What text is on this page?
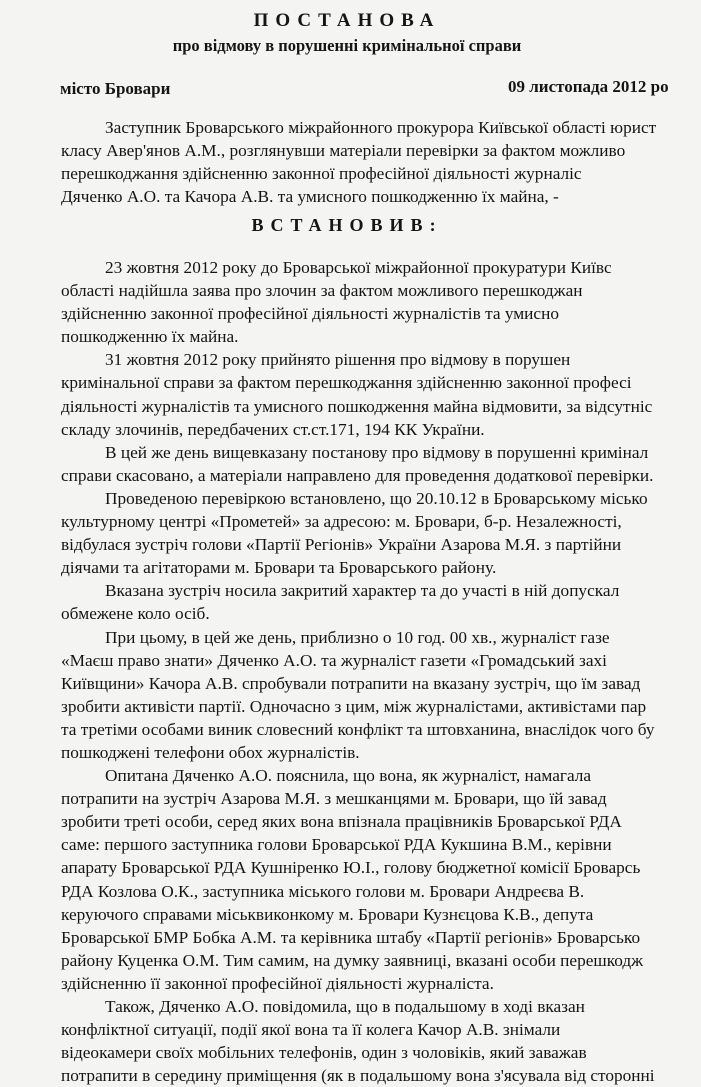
ПОСТАНОВА
про відмову в порушенні кримінальної справи
місто Бровари	09 листопада 2012 ро
Заступник Броварського міжрайонного прокурора Київської області юрист
класу Авер'янов А.М., розглянувши матеріали перевірки за фактом можливо
перешкоджання здійсненню законної професійної діяльності журналіс
Дяченко А.О. та Качора А.В. та умисного пошкодженню їх майна, -
ВСТАНОВИВ:
23 жовтня 2012 року до Броварської міжрайонної прокуратури Київс
області надійшла заява про злочин за фактом можливого перешкоджан
здійсненню законної професійної діяльності журналістів та умисно
пошкодженню їх майна.
31 жовтня 2012 року прийнято рішення про відмову в порушен
кримінальної справи за фактом перешкоджання здійсненню законної професі
діяльності журналістів та умисного пошкодження майна відмовити, за відсутніс
складу злочинів, передбачених ст.ст.171, 194 КК України.
В цей же день вищевказану постанову про відмову в порушенні кримінал
справи скасовано, а матеріали направлено для проведення додаткової перевірки.
Проведеною перевіркою встановлено, що 20.10.12 в Броварському місько
культурному центрі «Прометей» за адресою: м. Бровари, б-р. Незалежності,
відбулася зустріч голови «Партії Регіонів» України Азарова М.Я. з партійни
діячами та агітаторами м. Бровари та Броварського району.
Вказана зустріч носила закритий характер та до участі в ній допускал
обмежене коло осіб.
При цьому, в цей же день, приблизно о 10 год. 00 хв., журналіст газе
«Маєш право знати» Дяченко А.О. та журналіст газети «Громадський захі
Київщини» Качора А.В. спробували потрапити на вказану зустріч, що їм завад
зробити активісти партії. Одночасно з цим, між журналістами, активістами пар
та третіми особами виник словесний конфлікт та штовханина, внаслідок чого бу
пошкоджені телефони обох журналістів.
Опитана Дяченко А.О. пояснила, що вона, як журналіст, намагала
потрапити на зустріч Азарова М.Я. з мешканцями м. Бровари, що їй завад
зробити треті особи, серед яких вона впізнала працівників Броварської РДА
саме: першого заступника голови Броварської РДА Кукшина В.М., керівни
апарату Броварської РДА Кушніренко Ю.І., голову бюджетної комісії Броварсь
РДА Козлова О.К., заступника міського голови м. Бровари Андреєва В.
керуючого справами міськвиконкому м. Бровари Кузнєцова К.В., депута
Броварської БМР Бобка А.М. та керівника штабу «Партії регіонів» Броварсько
району Куценка О.М. Тим самим, на думку заявниці, вказані особи перешкодж
здійсненню її законної професійної діяльності журналіста.
Також, Дяченко А.О. повідомила, що в подальшому в ході вказан
конфліктної ситуації, події якої вона та її колега Качор А.В. знімали
відеокамери своїх мобільних телефонів, один з чоловіків, який заважав
потрапити в середину приміщення (як в подальшому вона з'ясувала від сторонні
